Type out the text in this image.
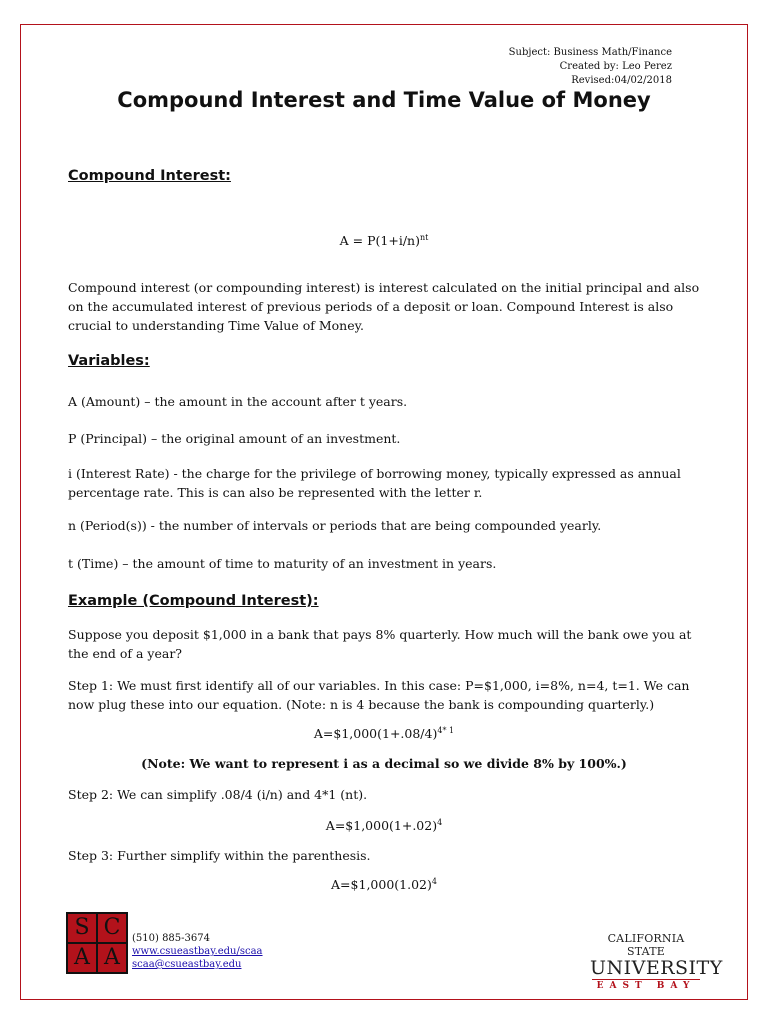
Subject: Business Math/Finance
Created by: Leo Perez
Revised:04/02/2018
Compound Interest and Time Value of Money
Compound Interest:
$A = P(1+i/n)^{nt}$
Compound interest (or compounding interest) is interest calculated on the initial principal and also on the accumulated interest of previous periods of a deposit or loan. Compound Interest is also crucial to understanding Time Value of Money.
Variables:
A (Amount) – the amount in the account after t years.
P (Principal) – the original amount of an investment.
i (Interest Rate) - the charge for the privilege of borrowing money, typically expressed as annual percentage rate. This is can also be represented with the letter r.
n (Period(s)) - the number of intervals or periods that are being compounded yearly.
t (Time) – the amount of time to maturity of an investment in years.
Example (Compound Interest):
Suppose you deposit $1,000 in a bank that pays 8% quarterly. How much will the bank owe you at the end of a year?
Step 1: We must first identify all of our variables. In this case: P=$1,000, i=8%, n=4, t=1. We can now plug these into our equation. (Note: n is 4 because the bank is compounding quarterly.)
$A=\$1,000(1+.08/4)^{4* 1}$
(Note: We want to represent i as a decimal so we divide 8% by 100%.)
Step 2: We can simplify .08/4 (i/n) and 4*1 (nt).
$A=\$1,000(1+.02)^4$
Step 3: Further simplify within the parenthesis.
$A=\$1,000(1.02)^4$
S C
A A
(510) 885-3674
www.csueastbay.edu/scaa
scaa@csueastbay.edu
CALIFORNIA STATE
UNIVERSITY
EAST BAY
